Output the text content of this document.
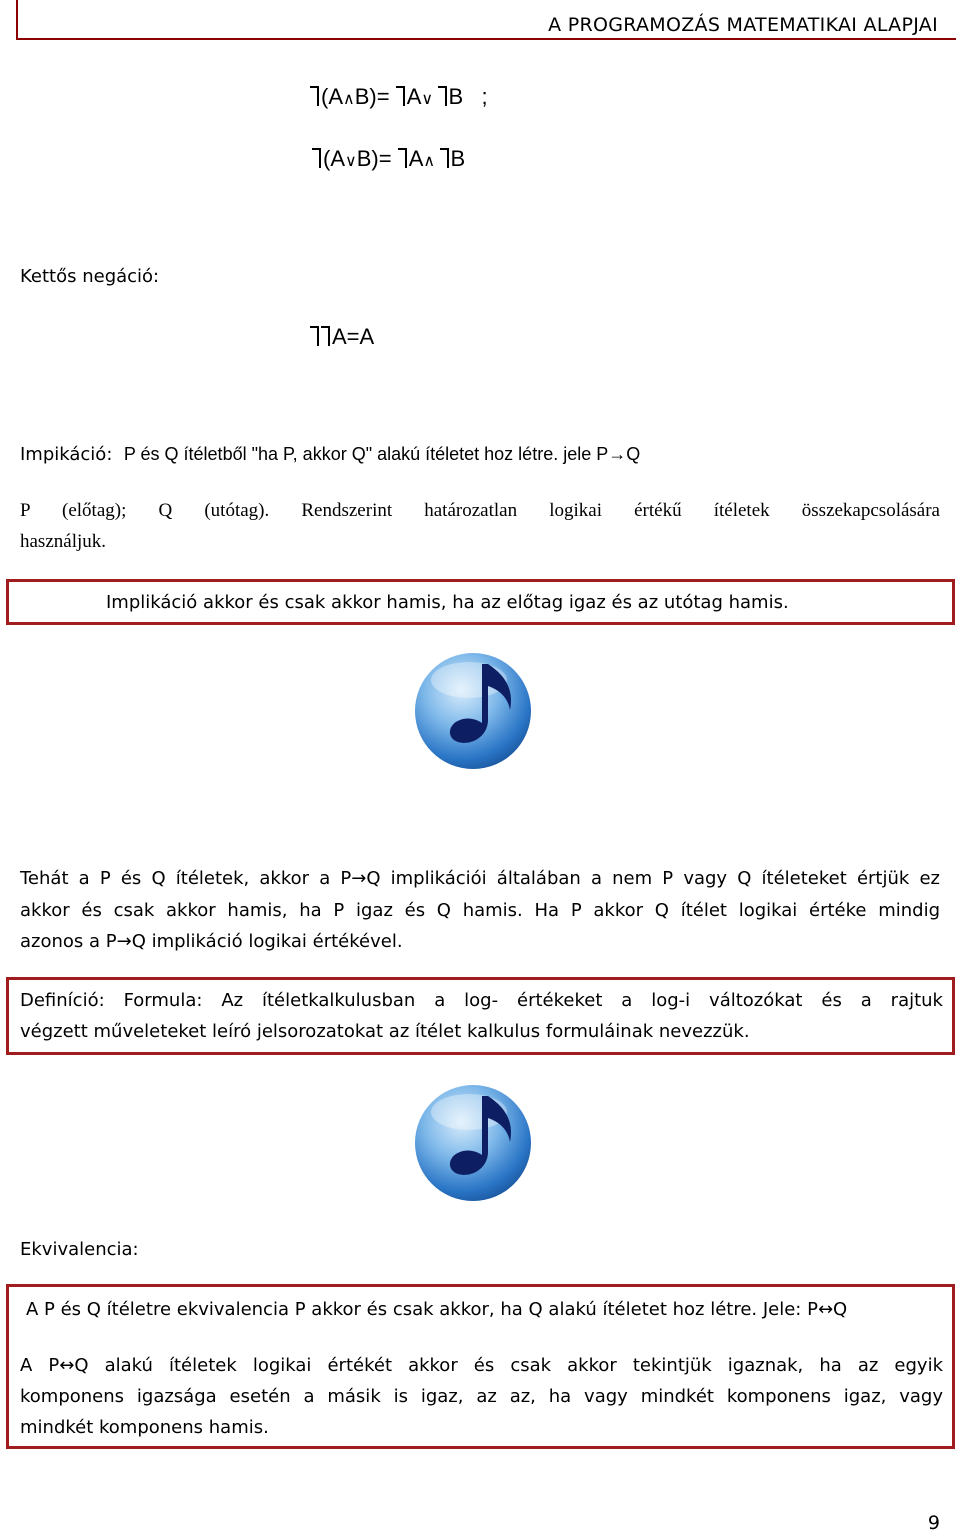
A PROGRAMOZÁS MATEMATIKAI ALAPJAI
(A∧B)= A∨ B   ;
(A∨B)= A∧ B
Kettős negáció:
A=A
Impikáció: P és Q ítéletből "ha P, akkor Q" alakú ítéletet hoz létre. jele P→Q
P (előtag); Q (utótag). Rendszerint határozatlan logikai értékű ítéletek összekapcsolására
használjuk.
Implikáció akkor és csak akkor hamis, ha az előtag igaz és az utótag hamis.
Tehát a P és Q ítéletek, akkor a P→Q implikációi általában a nem P vagy Q ítéleteket értjük ez
akkor és csak akkor hamis, ha P igaz és Q hamis. Ha P akkor Q ítélet logikai értéke mindig
azonos a P→Q implikáció logikai értékével.
Definíció: Formula: Az ítéletkalkulusban a log- értékeket a log-i változókat és a rajtuk
végzett műveleteket leíró jelsorozatokat az ítélet kalkulus formuláinak nevezzük.
Ekvivalencia:
A P és Q ítéletre ekvivalencia P akkor és csak akkor, ha Q alakú ítéletet hoz létre. Jele: P↔Q
A P↔Q alakú ítéletek logikai értékét akkor és csak akkor tekintjük igaznak, ha az egyik
komponens igazsága esetén a másik is igaz, az az, ha vagy mindkét komponens igaz, vagy
mindkét komponens hamis.
9
